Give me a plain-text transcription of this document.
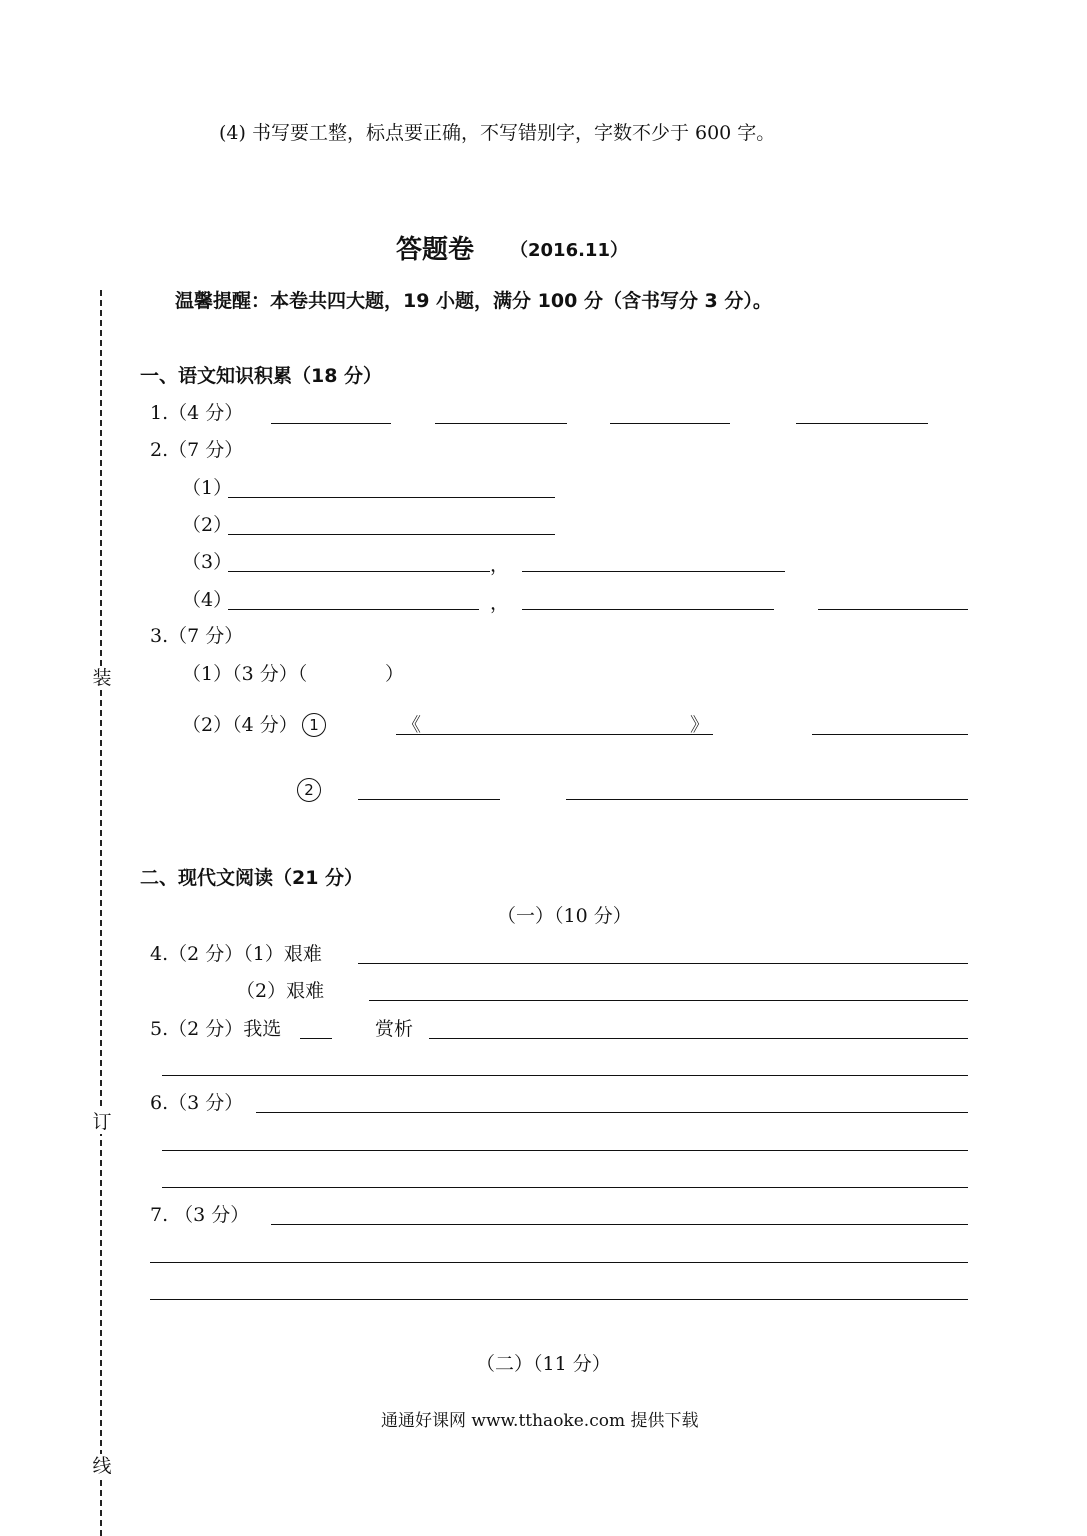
装
订
线
(4) 书写要工整，标点要正确，不写错别字，字数不少于 600 字。
答题卷 （2016.11）
温馨提醒：本卷共四大题，19 小题，满分 100 分（含书写分 3 分）。
一、语文知识积累（18 分）
1.（4 分）
2.（7 分）
（1）
（2）
（3）	，
（4）	，
3.（7 分）
（1）（3 分）（	）
（2）（4 分） 1	《	》
2
二、现代文阅读（21 分）
（一）（10 分）
4.（2 分）（1）艰难
（2）艰难
5.（2 分）我选	赏析
6.（3 分）
7. （3 分）
（二）（11 分）
通通好课网 www.tthaoke.com 提供下载
